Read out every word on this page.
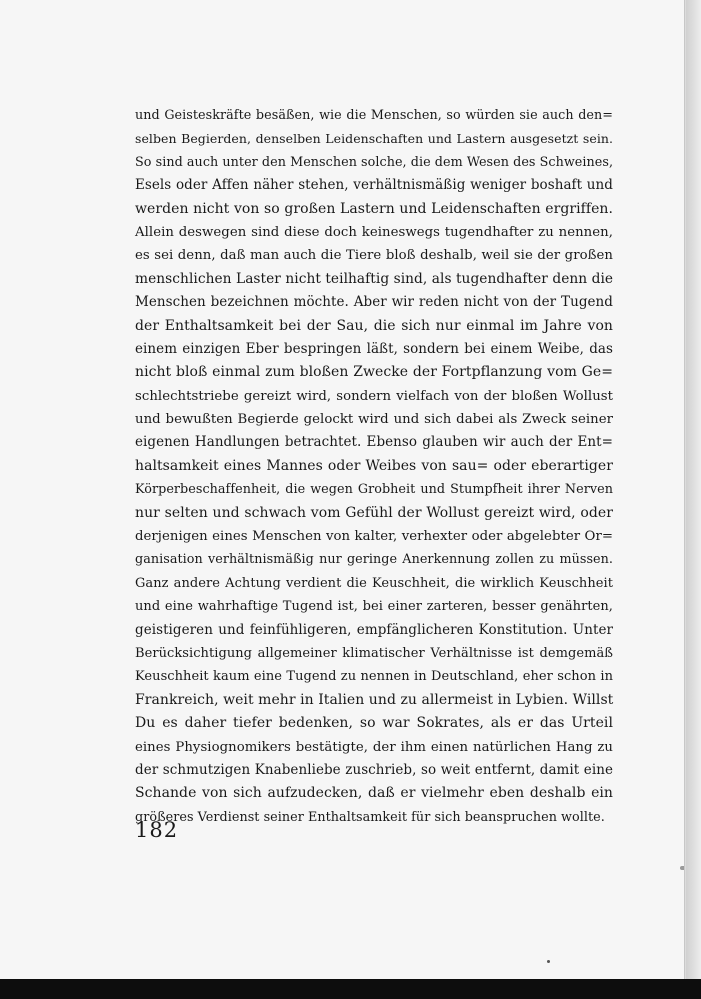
und Geisteskräfte besäßen, wie die Menschen, so würden sie auch den=
selben Begierden, denselben Leidenschaften und Lastern ausgesetzt sein.
So sind auch unter den Menschen solche, die dem Wesen des Schweines,
Esels oder Affen näher stehen, verhältnismäßig weniger boshaft und
werden nicht von so großen Lastern und Leidenschaften ergriffen.
Allein deswegen sind diese doch keineswegs tugendhafter zu nennen,
es sei denn, daß man auch die Tiere bloß deshalb, weil sie der großen
menschlichen Laster nicht teilhaftig sind, als tugendhafter denn die
Menschen bezeichnen möchte. Aber wir reden nicht von der Tugend
der Enthaltsamkeit bei der Sau, die sich nur einmal im Jahre von
einem einzigen Eber bespringen läßt, sondern bei einem Weibe, das
nicht bloß einmal zum bloßen Zwecke der Fortpflanzung vom Ge=
schlechtstriebe gereizt wird, sondern vielfach von der bloßen Wollust
und bewußten Begierde gelockt wird und sich dabei als Zweck seiner
eigenen Handlungen betrachtet. Ebenso glauben wir auch der Ent=
haltsamkeit eines Mannes oder Weibes von sau= oder eberartiger
Körperbeschaffenheit, die wegen Grobheit und Stumpfheit ihrer Nerven
nur selten und schwach vom Gefühl der Wollust gereizt wird, oder
derjenigen eines Menschen von kalter, verhexter oder abgelebter Or=
ganisation verhältnismäßig nur geringe Anerkennung zollen zu müssen.
Ganz andere Achtung verdient die Keuschheit, die wirklich Keuschheit
und eine wahrhaftige Tugend ist, bei einer zarteren, besser genährten,
geistigeren und feinfühligeren, empfänglicheren Konstitution. Unter
Berücksichtigung allgemeiner klimatischer Verhältnisse ist demgemäß
Keuschheit kaum eine Tugend zu nennen in Deutschland, eher schon in
Frankreich, weit mehr in Italien und zu allermeist in Lybien. Willst
Du es daher tiefer bedenken, so war Sokrates, als er das Urteil
eines Physiognomikers bestätigte, der ihm einen natürlichen Hang zu
der schmutzigen Knabenliebe zuschrieb, so weit entfernt, damit eine
Schande von sich aufzudecken, daß er vielmehr eben deshalb ein
größeres Verdienst seiner Enthaltsamkeit für sich beanspruchen wollte.
182
